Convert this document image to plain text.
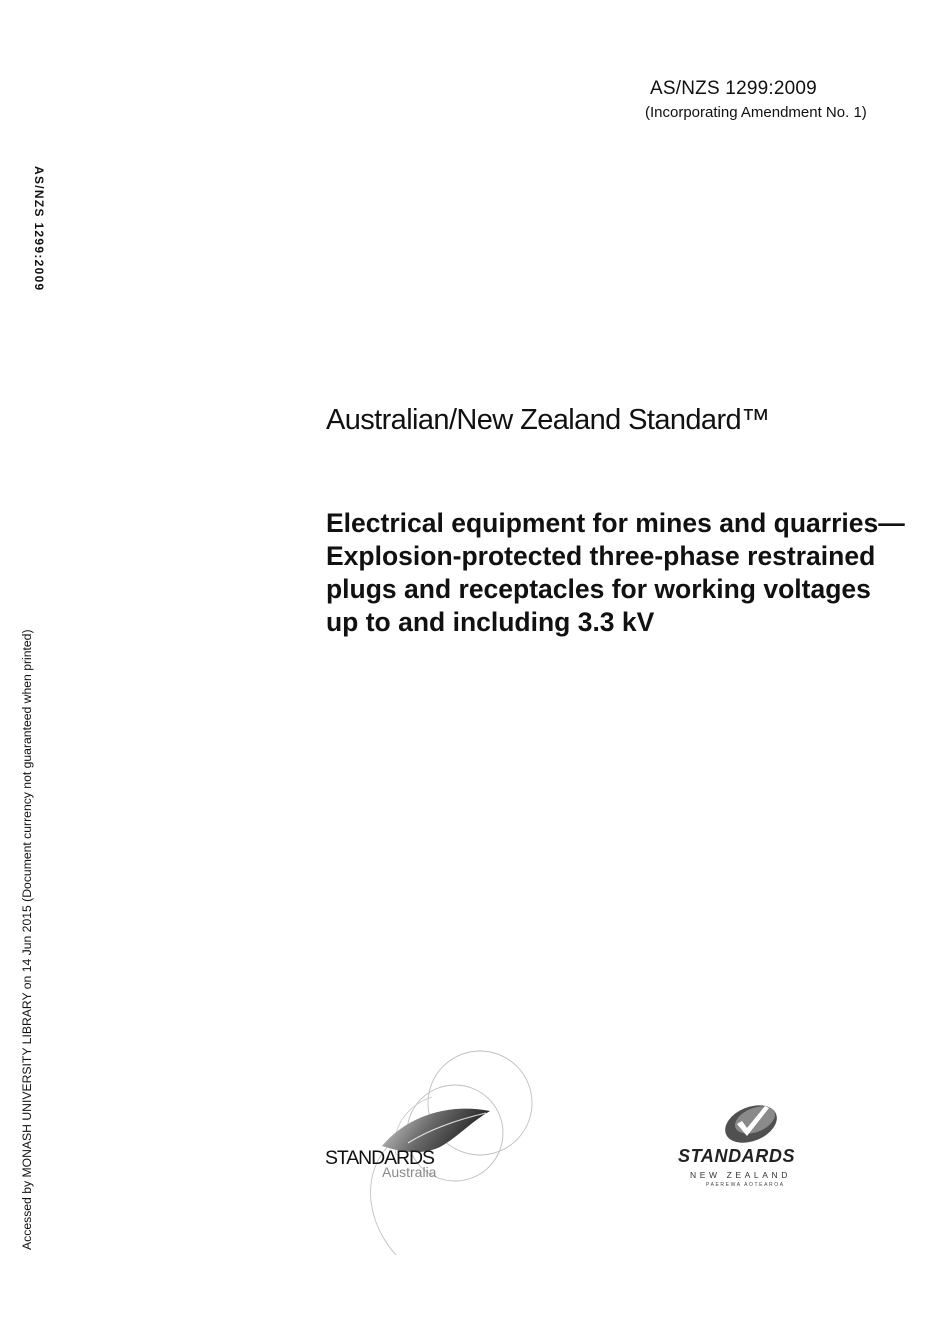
AS/NZS 1299:2009
(Incorporating Amendment No. 1)
AS/NZS 1299:2009
Accessed by MONASH UNIVERSITY LIBRARY on 14 Jun 2015 (Document currency not guaranteed when printed)
Australian/New Zealand Standard™
Electrical equipment for mines and quarries—Explosion-protected three-phase restrained plugs and receptacles for working voltages up to and including 3.3 kV
STANDARDS
Australia
STANDARDS
NEW ZEALAND
PAEREWA AOTEAROA
